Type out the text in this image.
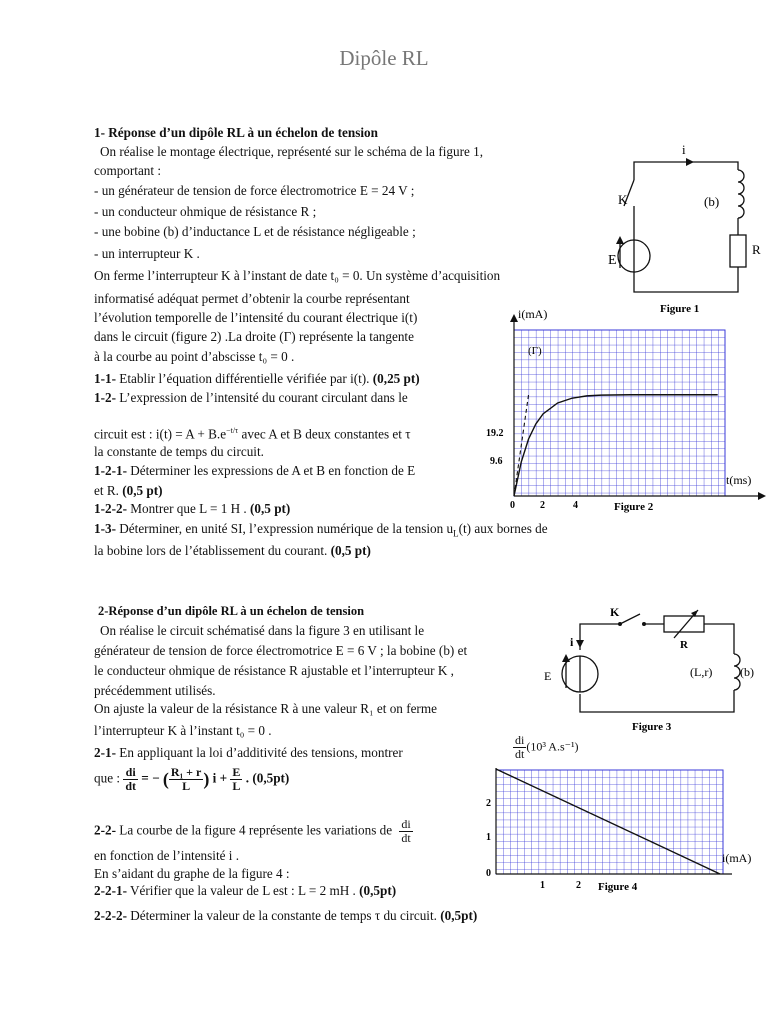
Dipôle RL
1- Réponse d’un dipôle RL à un échelon de tension
On réalise le montage électrique, représenté sur le schéma de la figure 1,
comportant :
- un générateur de tension de force électromotrice E = 24 V ;
- un conducteur ohmique de résistance R ;
- une bobine (b) d’inductance L et de résistance négligeable ;
- un interrupteur K .
On ferme l’interrupteur K à l’instant de date t₀ = 0. Un système d’acquisition
informatisé adéquat permet d’obtenir la courbe représentant
l’évolution temporelle de l’intensité du courant électrique i(t)
dans le circuit (figure 2) .La droite (Γ) représente la tangente
à la courbe au point d’abscisse t₀ = 0 .
1-1- Etablir l’équation différentielle vérifiée par i(t). (0,25 pt)
1-2- L’expression de l’intensité du courant circulant dans le
circuit est : $i(t) = A + B.e^{-t/\tau}$ avec A et B deux constantes et τ
la constante de temps du circuit.
1-2-1- Déterminer les expressions de A et B en fonction de E
et R. (0,5 pt)
1-2-2- Montrer que L = 1 H . (0,5 pt)
1-3- Déterminer, en unité SI, l’expression numérique de la tension $u_L(t)$ aux bornes de
la bobine lors de l’établissement du courant. (0,5 pt)
i
K	(b)
R
E
Figure 1
i(mA)
t(ms)
(Γ)
19.2
9.6
0	2	4	Figure 2
2-Réponse d’un dipôle RL à un échelon de tension
On réalise le circuit schématisé dans la figure 3 en utilisant le
générateur de tension de force électromotrice E = 6 V ; la bobine (b) et
le conducteur ohmique de résistance R ajustable et l’interrupteur K ,
précédemment utilisés.
On ajuste la valeur de la résistance R à une valeur R₁ et on ferme
l’interrupteur K à l’instant t₀ = 0 .
2-1- En appliquant la loi d’additivité des tensions, montrer
que : $\frac{di}{dt}$ = − ( $\frac{\text{R₁ + r}}{L}$ ) $i + \frac{E}{L}$ . (0,5pt)
2-2- La courbe de la figure 4 représente les variations de $\frac{di}{dt}$
en fonction de l’intensité i .
En s’aidant du graphe de la figure 4 :
2-2-1- Vérifier que la valeur de L est : L = 2 mH . (0,5pt)
2-2-2- Déterminer la valeur de la constante de temps τ du circuit. (0,5pt)
K
i	R
E	(L,r) (b)
Figure 3
$\frac{di}{dt} (10^3$ A.s⁻¹)
i(mA)
2
1
0
1	2 Figure 4
